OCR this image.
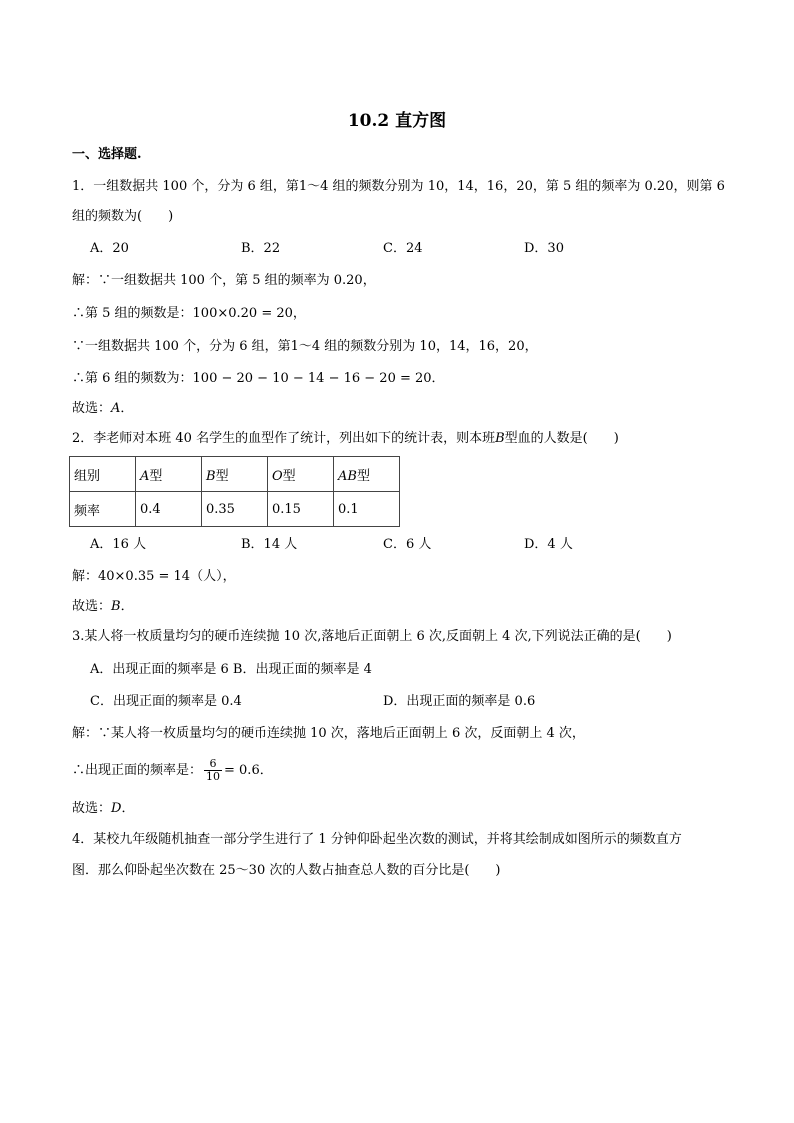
10.2 直方图
一、选择题.
1．一组数据共 100 个，分为 6 组，第1～4 组的频数分别为 10，14，16，20，第 5 组的频率为 0.20，则第 6
组的频数为(　　)
A．20	B．22	C．24	D．30
解：∵一组数据共 100 个，第 5 组的频率为 0.20，
∴第 5 组的频数是：100×0.20 = 20，
∵一组数据共 100 个，分为 6 组，第1～4 组的频数分别为 10，14，16，20，
∴第 6 组的频数为：100 − 20 − 10 − 14 − 16 − 20 = 20．
故选：A．
2．李老师对本班 40 名学生的血型作了统计，列出如下的统计表，则本班B型血的人数是(　　)
组别	A型	B型	O型	AB型
频率	0.4	0.35	0.15	0.1
A．16 人	B．14 人	C．6 人	D．4 人
解：40×0.35 = 14（人），
故选：B．
3.某人将一枚质量均匀的硬币连续抛 10 次,落地后正面朝上 6 次,反面朝上 4 次,下列说法正确的是(　　)
A．出现正面的频率是 6 B．出现正面的频率是 4
C．出现正面的频率是 0.4	D．出现正面的频率是 0.6
解：∵某人将一枚质量均匀的硬币连续抛 10 次，落地后正面朝上 6 次，反面朝上 4 次，
∴出现正面的频率是： $\frac{6}{10} = 0.6$．
故选：D．
4．某校九年级随机抽查一部分学生进行了 1 分钟仰卧起坐次数的测试，并将其绘制成如图所示的频数直方
图．那么仰卧起坐次数在 25～30 次的人数占抽查总人数的百分比是(　　)
